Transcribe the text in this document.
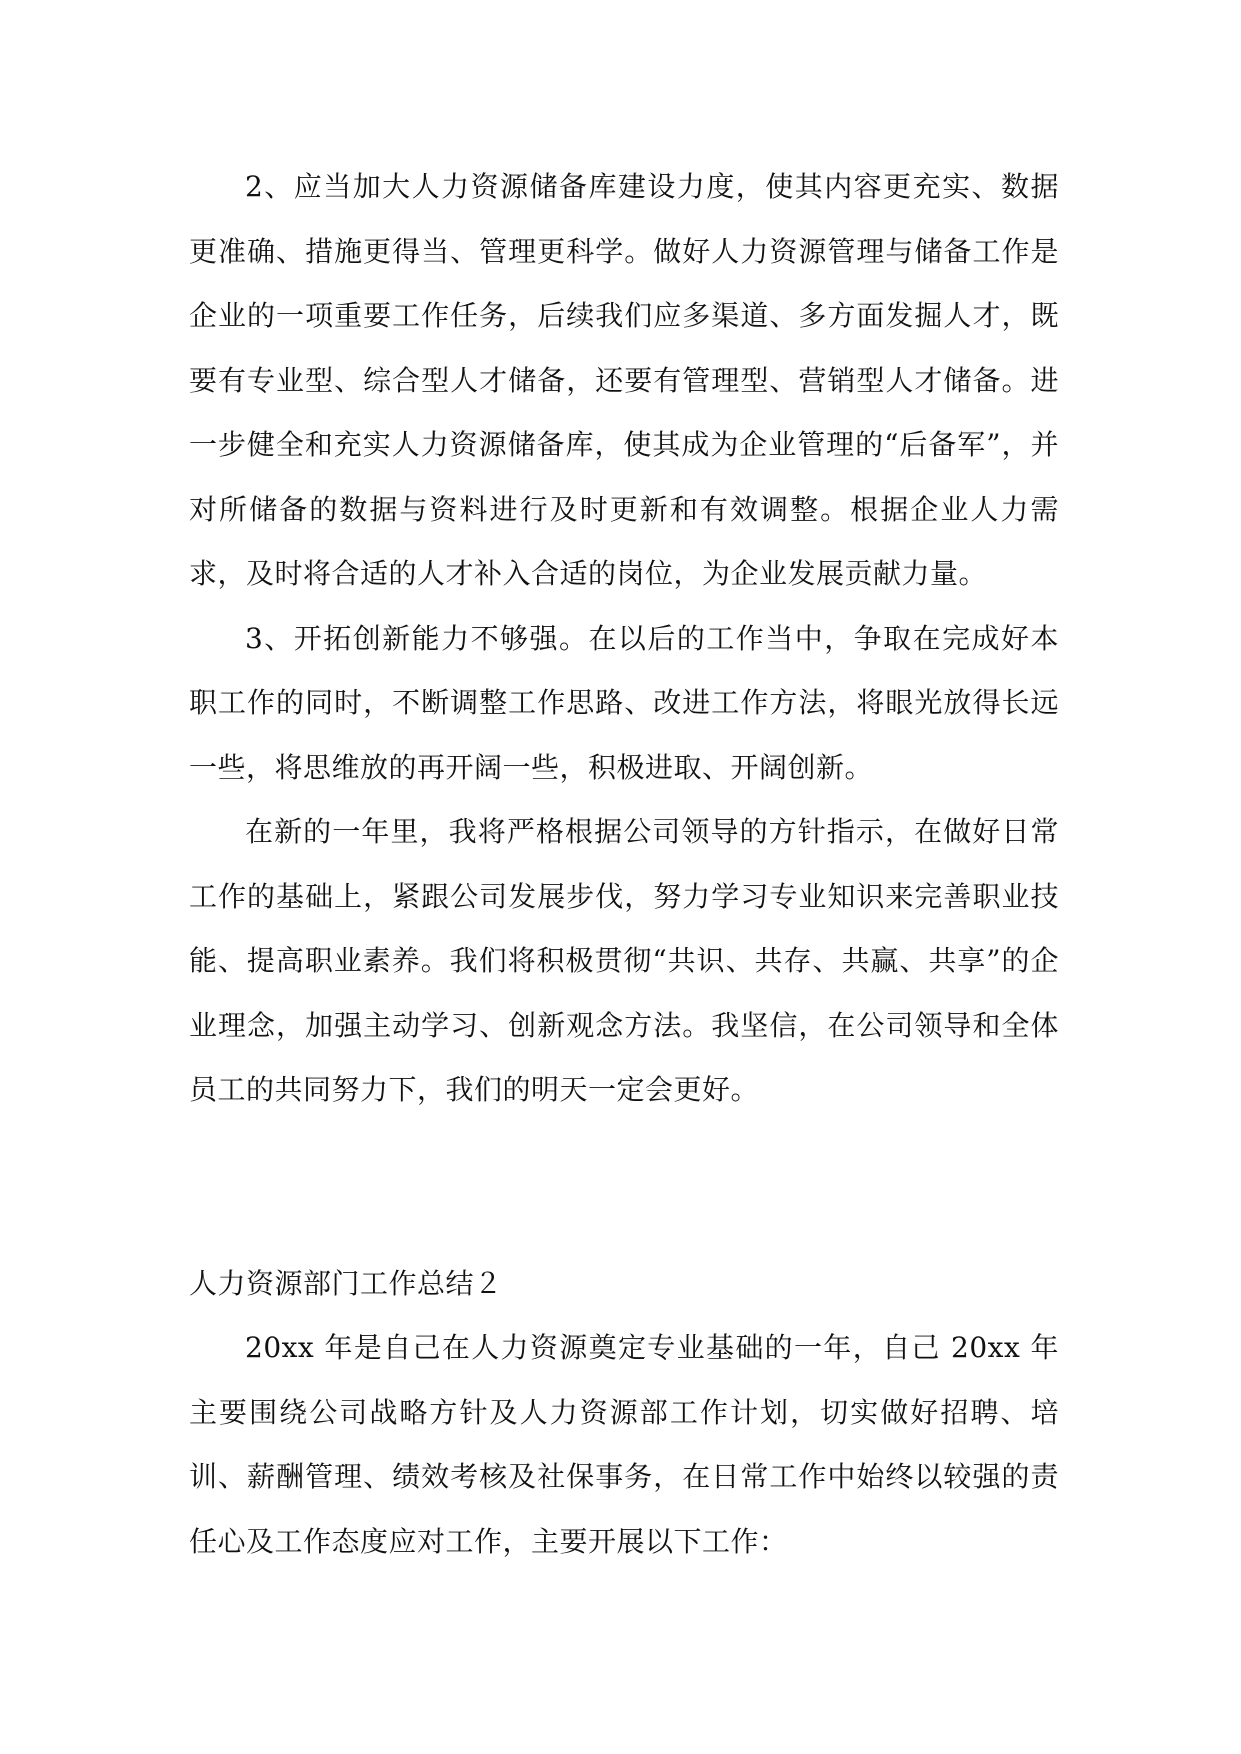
2、应当加大人力资源储备库建设力度，使其内容更充实、数据更准确、措施更得当、管理更科学。做好人力资源管理与储备工作是企业的一项重要工作任务，后续我们应多渠道、多方面发掘人才，既要有专业型、综合型人才储备，还要有管理型、营销型人才储备。进一步健全和充实人力资源储备库，使其成为企业管理的“后备军”，并对所储备的数据与资料进行及时更新和有效调整。根据企业人力需求，及时将合适的人才补入合适的岗位，为企业发展贡献力量。

3、开拓创新能力不够强。在以后的工作当中，争取在完成好本职工作的同时，不断调整工作思路、改进工作方法，将眼光放得长远一些，将思维放的再开阔一些，积极进取、开阔创新。

在新的一年里，我将严格根据公司领导的方针指示，在做好日常工作的基础上，紧跟公司发展步伐，努力学习专业知识来完善职业技能、提高职业素养。我们将积极贯彻“共识、共存、共赢、共享”的企业理念，加强主动学习、创新观念方法。我坚信，在公司领导和全体员工的共同努力下，我们的明天一定会更好。

人力资源部门工作总结２

20xx 年是自己在人力资源奠定专业基础的一年，自己 20xx 年主要围绕公司战略方针及人力资源部工作计划，切实做好招聘、培训、薪酬管理、绩效考核及社保事务，在日常工作中始终以较强的责任心及工作态度应对工作，主要开展以下工作：
